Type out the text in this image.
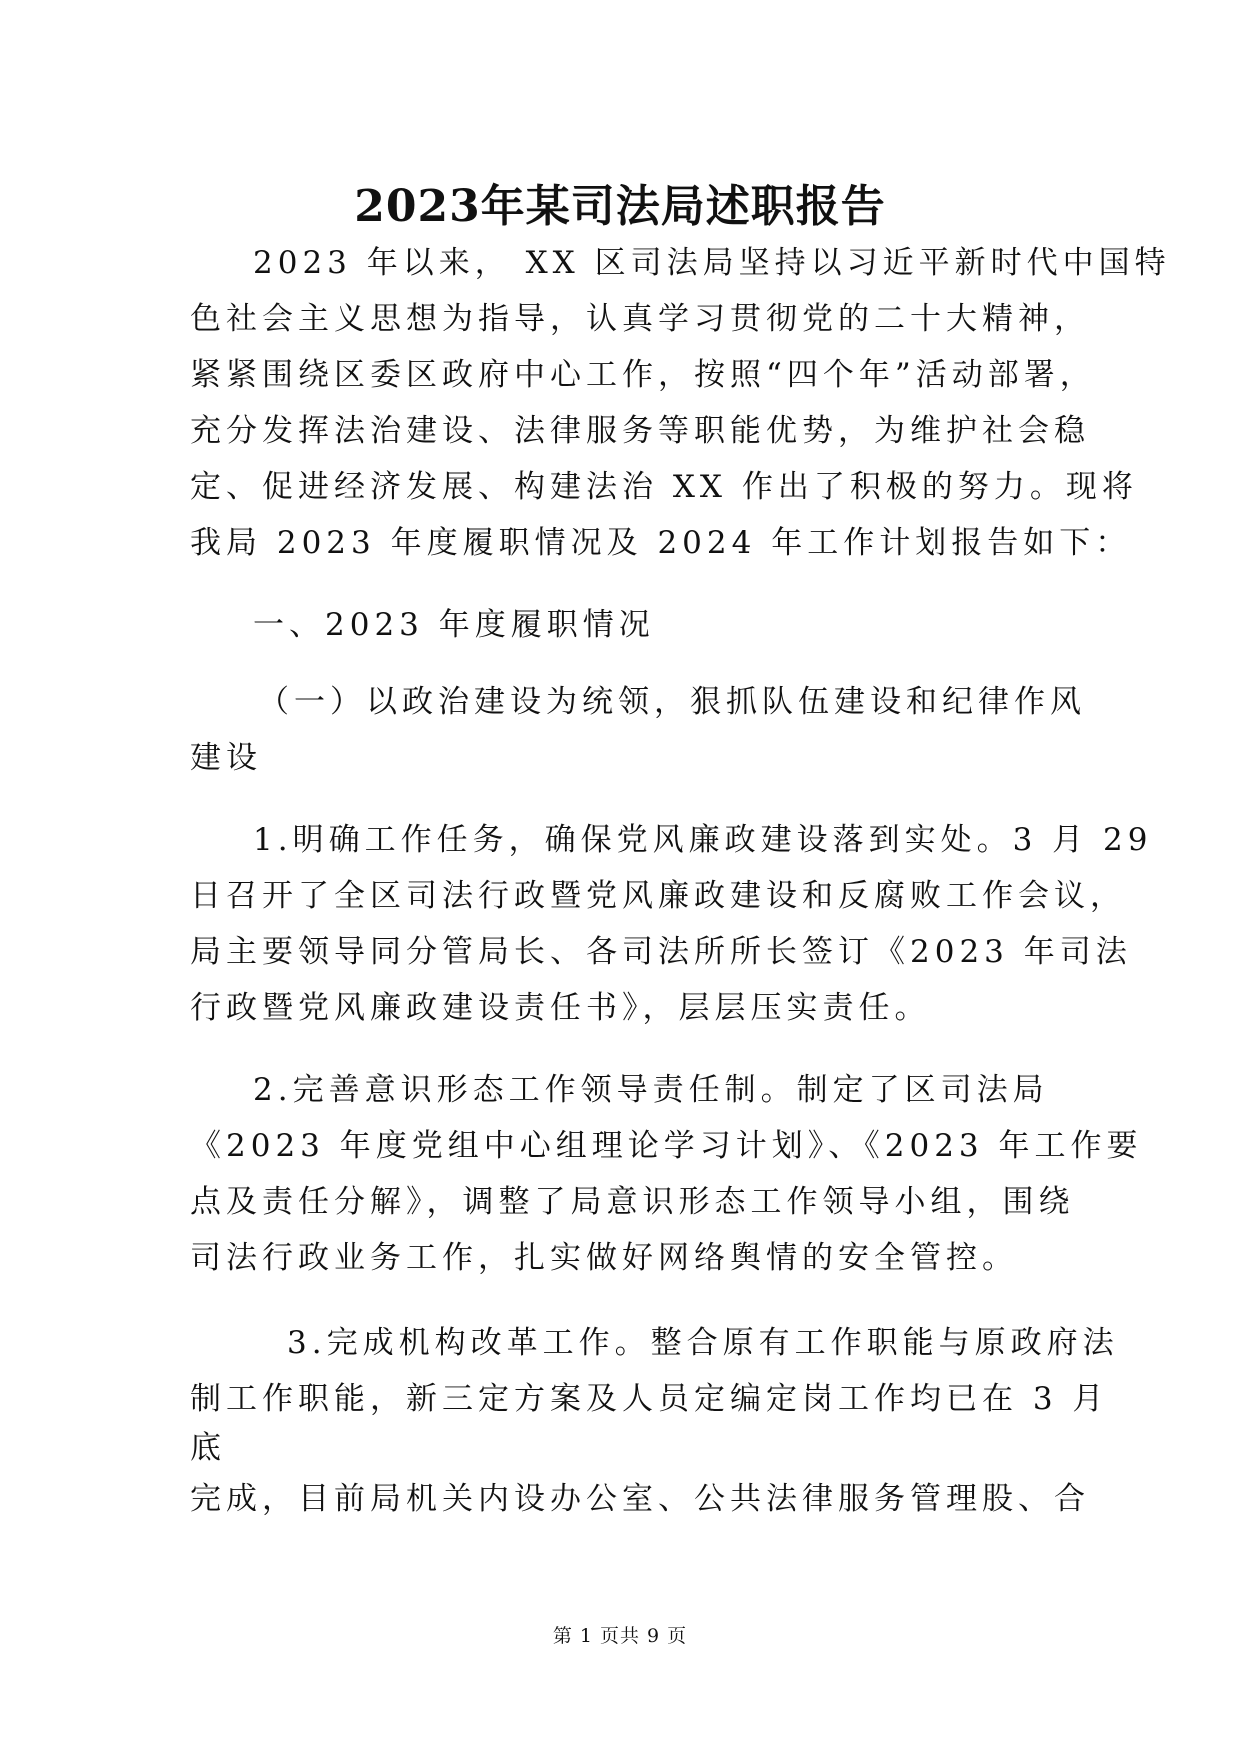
2023年某司法局述职报告
2023 年以来， XX 区司法局坚持以习近平新时代中国特
色社会主义思想为指导，认真学习贯彻党的二十大精神，
紧紧围绕区委区政府中心工作，按照“四个年”活动部署，
充分发挥法治建设、法律服务等职能优势，为维护社会稳
定、促进经济发展、构建法治 XX 作出了积极的努力。现将
我局 2023 年度履职情况及 2024 年工作计划报告如下：
一、2023 年度履职情况
（一）以政治建设为统领，狠抓队伍建设和纪律作风
建设
1.明确工作任务，确保党风廉政建设落到实处。3 月 29
日召开了全区司法行政暨党风廉政建设和反腐败工作会议，
局主要领导同分管局长、各司法所所长签订《2023 年司法
行政暨党风廉政建设责任书》，层层压实责任。
2.完善意识形态工作领导责任制。制定了区司法局
《2023 年度党组中心组理论学习计划》、《2023 年工作要
点及责任分解》，调整了局意识形态工作领导小组，围绕
司法行政业务工作，扎实做好网络舆情的安全管控。
3.完成机构改革工作。整合原有工作职能与原政府法
制工作职能，新三定方案及人员定编定岗工作均已在 3 月
底
完成，目前局机关内设办公室、公共法律服务管理股、合
第 1 页共 9 页
